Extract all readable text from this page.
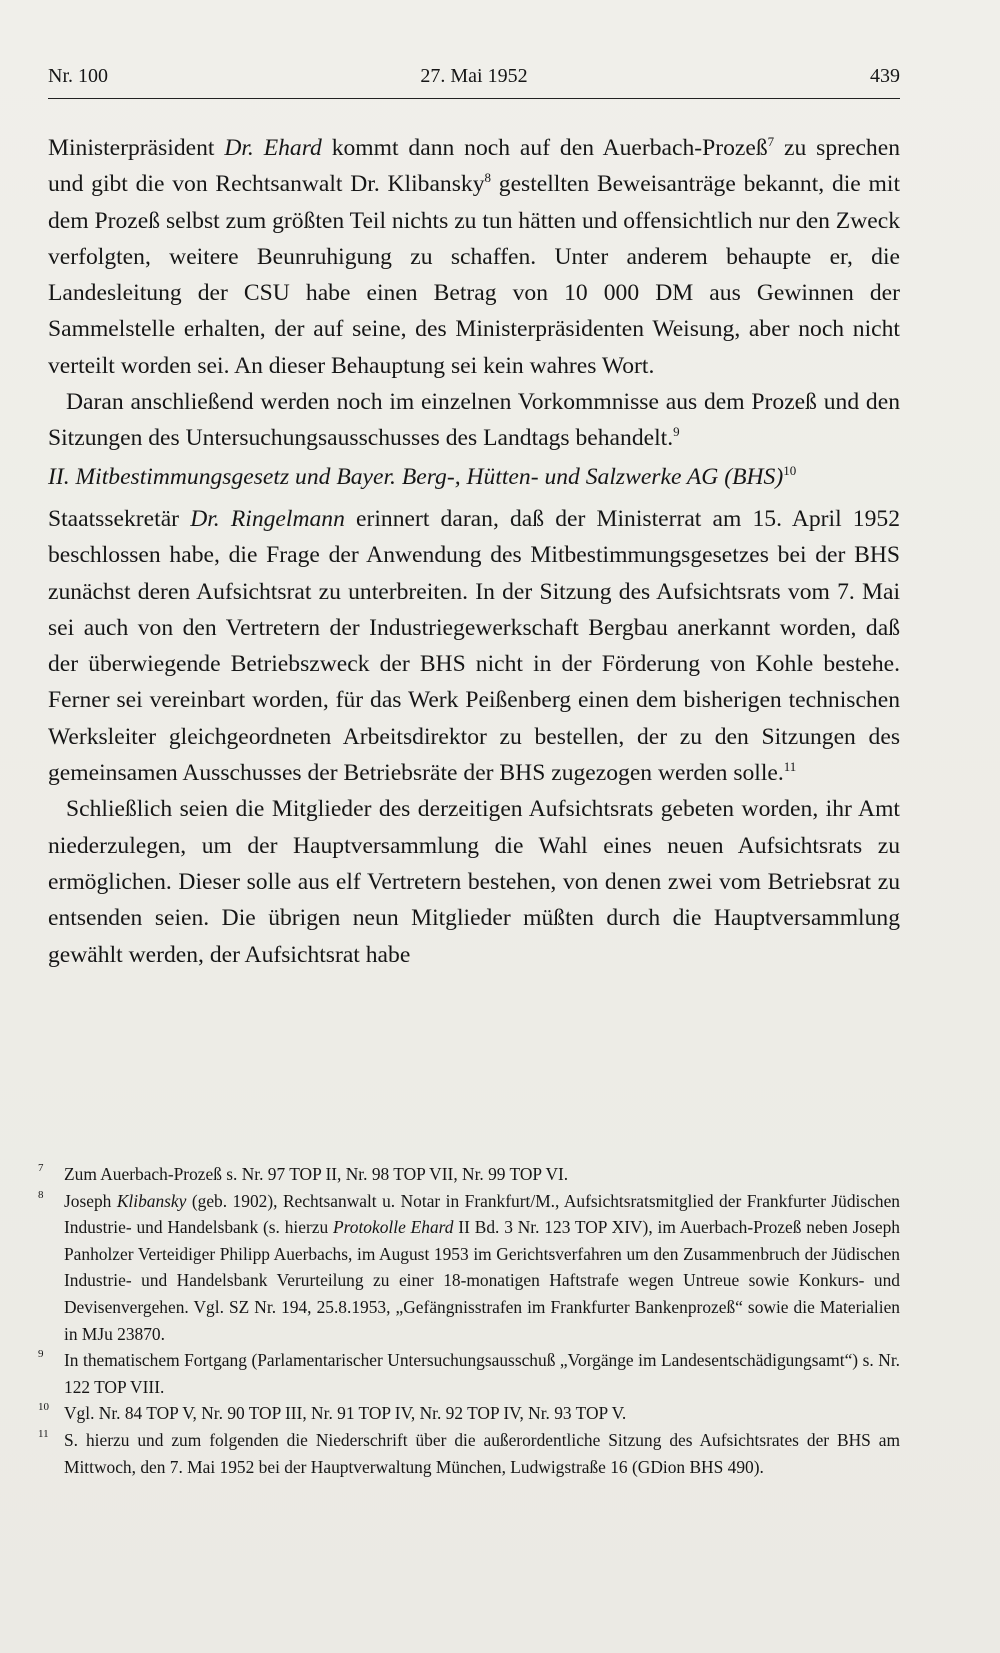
Nr. 100	27. Mai 1952	439

Ministerpräsident Dr. Ehard kommt dann noch auf den Auerbach-Prozeß$^7$ zu sprechen und gibt die von Rechtsanwalt Dr. Klibansky$^8$ gestellten Beweisanträge bekannt, die mit dem Prozeß selbst zum größten Teil nichts zu tun hätten und offensichtlich nur den Zweck verfolgten, weitere Beunruhigung zu schaffen. Unter anderem behaupte er, die Landesleitung der CSU habe einen Betrag von 10 000 DM aus Gewinnen der Sammelstelle erhalten, der auf seine, des Ministerpräsidenten Weisung, aber noch nicht verteilt worden sei. An dieser Behauptung sei kein wahres Wort.

Daran anschließend werden noch im einzelnen Vorkommnisse aus dem Prozeß und den Sitzungen des Untersuchungsausschusses des Landtags behandelt.$^9$

II. Mitbestimmungsgesetz und Bayer. Berg-, Hütten- und Salzwerke AG (BHS)$^{10}$

Staatssekretär Dr. Ringelmann erinnert daran, daß der Ministerrat am 15. April 1952 beschlossen habe, die Frage der Anwendung des Mitbestimmungsgesetzes bei der BHS zunächst deren Aufsichtsrat zu unterbreiten. In der Sitzung des Aufsichtsrats vom 7. Mai sei auch von den Vertretern der Industriegewerkschaft Bergbau anerkannt worden, daß der überwiegende Betriebszweck der BHS nicht in der Förderung von Kohle bestehe. Ferner sei vereinbart worden, für das Werk Peißenberg einen dem bisherigen technischen Werksleiter gleichgeordneten Arbeitsdirektor zu bestellen, der zu den Sitzungen des gemeinsamen Ausschusses der Betriebsräte der BHS zugezogen werden solle.$^{11}$

Schließlich seien die Mitglieder des derzeitigen Aufsichtsrats gebeten worden, ihr Amt niederzulegen, um der Hauptversammlung die Wahl eines neuen Aufsichtsrats zu ermöglichen. Dieser solle aus elf Vertretern bestehen, von denen zwei vom Betriebsrat zu entsenden seien. Die übrigen neun Mitglieder müßten durch die Hauptversammlung gewählt werden, der Aufsichtsrat habe

7 Zum Auerbach-Prozeß s. Nr. 97 TOP II, Nr. 98 TOP VII, Nr. 99 TOP VI.
8 Joseph Klibansky (geb. 1902), Rechtsanwalt u. Notar in Frankfurt/M., Aufsichtsratsmitglied der Frankfurter Jüdischen Industrie- und Handelsbank (s. hierzu Protokolle Ehard II Bd. 3 Nr. 123 TOP XIV), im Auerbach-Prozeß neben Joseph Panholzer Verteidiger Philipp Auerbachs, im August 1953 im Gerichtsverfahren um den Zusammenbruch der Jüdischen Industrie- und Handelsbank Verurteilung zu einer 18-monatigen Haftstrafe wegen Untreue sowie Konkurs- und Devisenvergehen. Vgl. SZ Nr. 194, 25.8.1953, „Gefängnisstrafen im Frankfurter Bankenprozeß“ sowie die Materialien in MJu 23870.
9 In thematischem Fortgang (Parlamentarischer Untersuchungsausschuß „Vorgänge im Landesentschädigungsamt“) s. Nr. 122 TOP VIII.
10 Vgl. Nr. 84 TOP V, Nr. 90 TOP III, Nr. 91 TOP IV, Nr. 92 TOP IV, Nr. 93 TOP V.
11 S. hierzu und zum folgenden die Niederschrift über die außerordentliche Sitzung des Aufsichtsrates der BHS am Mittwoch, den 7. Mai 1952 bei der Hauptverwaltung München, Ludwigstraße 16 (GDion BHS 490).
